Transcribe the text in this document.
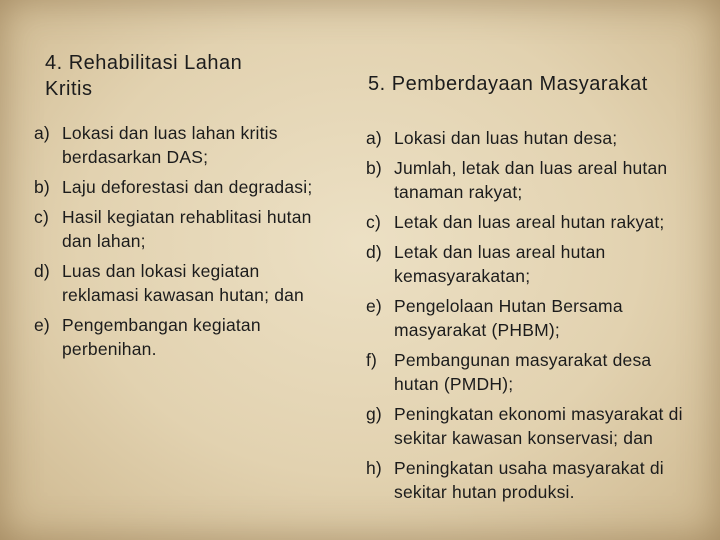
4. Rehabilitasi Lahan Kritis
a) Lokasi dan luas lahan kritis berdasarkan DAS;
b) Laju deforestasi dan degradasi;
c) Hasil kegiatan rehablitasi hutan dan lahan;
d) Luas dan lokasi kegiatan reklamasi kawasan hutan; dan
e) Pengembangan kegiatan perbenihan.
5. Pemberdayaan Masyarakat
a) Lokasi dan luas hutan desa;
b) Jumlah, letak dan luas areal hutan tanaman rakyat;
c) Letak dan luas areal hutan rakyat;
d) Letak dan luas areal hutan kemasyarakatan;
e) Pengelolaan Hutan Bersama masyarakat (PHBM);
f) Pembangunan masyarakat desa hutan (PMDH);
g) Peningkatan ekonomi masyarakat di sekitar kawasan konservasi; dan
h) Peningkatan usaha masyarakat di sekitar hutan produksi.
